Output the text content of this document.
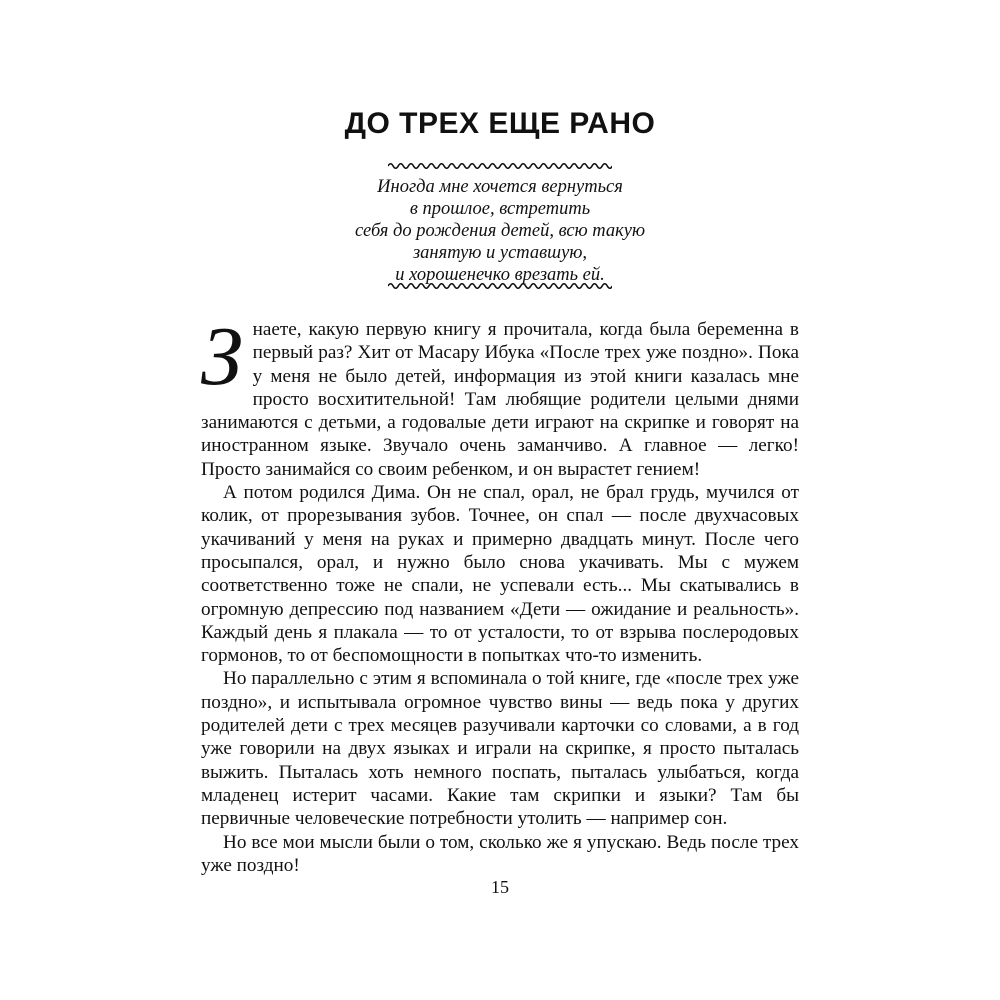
ДО ТРЕХ ЕЩЕ РАНО
Иногда мне хочется вернуться
в прошлое, встретить
себя до рождения детей, всю такую
занятую и уставшую,
и хорошенечко врезать ей.
З наете, какую первую книгу я прочитала, когда была беременна в первый раз? Хит от Масару Ибука «После трех уже поздно». Пока у меня не было детей, информация из этой книги казалась мне просто восхитительной! Там любящие родители целыми днями занимаются с детьми, а годовалые дети играют на скрипке и говорят на иностранном языке. Звучало очень заманчиво. А главное — легко! Просто занимайся со своим ребенком, и он вырастет гением!

А потом родился Дима. Он не спал, орал, не брал грудь, мучился от колик, от прорезывания зубов. Точнее, он спал — после двухчасовых укачиваний у меня на руках и примерно двадцать минут. После чего просыпался, орал, и нужно было снова укачивать. Мы с мужем соответственно тоже не спали, не успевали есть... Мы скатывались в огромную депрессию под названием «Дети — ожидание и реальность». Каждый день я плакала — то от усталости, то от взрыва послеродовых гормонов, то от беспомощности в попытках что-то изменить.

Но параллельно с этим я вспоминала о той книге, где «после трех уже поздно», и испытывала огромное чувство вины — ведь пока у других родителей дети с трех месяцев разучивали карточки со словами, а в год уже говорили на двух языках и играли на скрипке, я просто пыталась выжить. Пыталась хоть немного поспать, пыталась улыбаться, когда младенец истерит часами. Какие там скрипки и языки? Там бы первичные человеческие потребности утолить — например сон.

Но все мои мысли были о том, сколько же я упускаю. Ведь после трех уже поздно!

15
